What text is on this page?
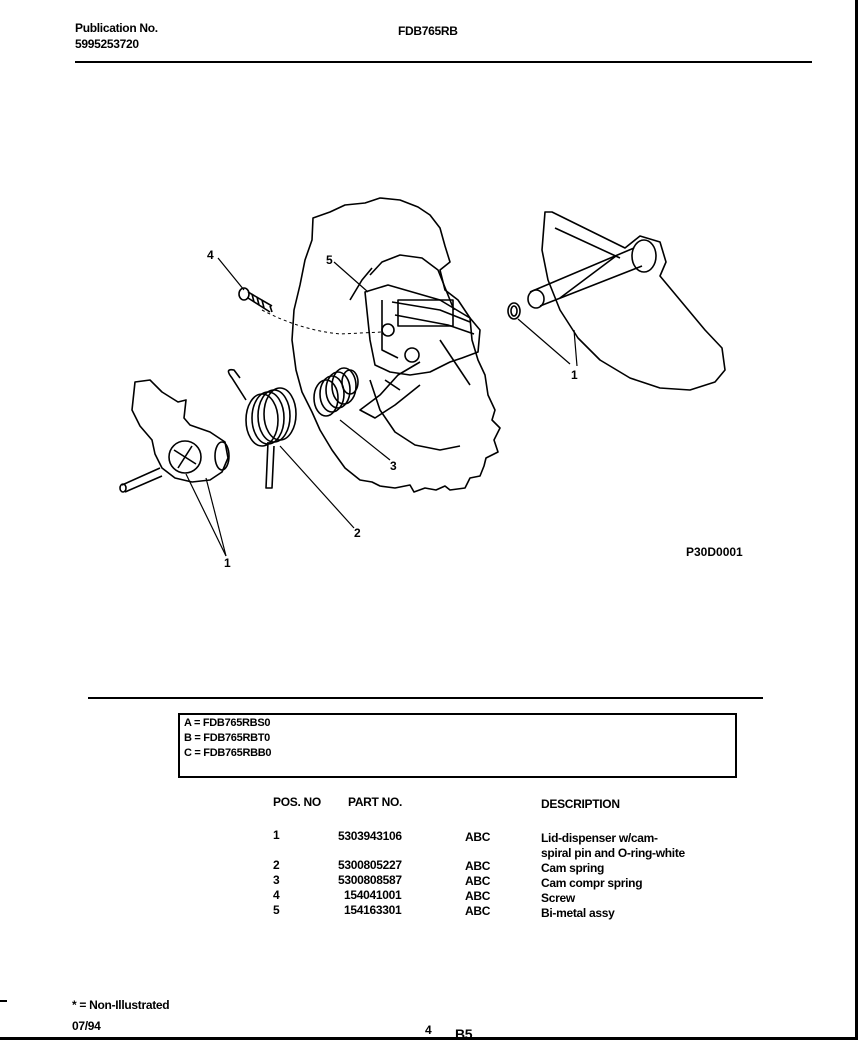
Publication No.
5995253720
FDB765RB
4	5
1
3
2
1
P30D0001
A = FDB765RBS0
B = FDB765RBT0
C = FDB765RBB0
POS. NO PART NO.	DESCRIPTION
1	5303943106	ABC	Lid-dispenser w/cam-
spiral pin and O-ring-white
2	5300805227	ABC	Cam spring
3	5300808587	ABC	Cam compr spring
4	154041001	ABC	Screw
5	154163301	ABC	Bi-metal assy
* = Non-Illustrated
07/94	4 B5
